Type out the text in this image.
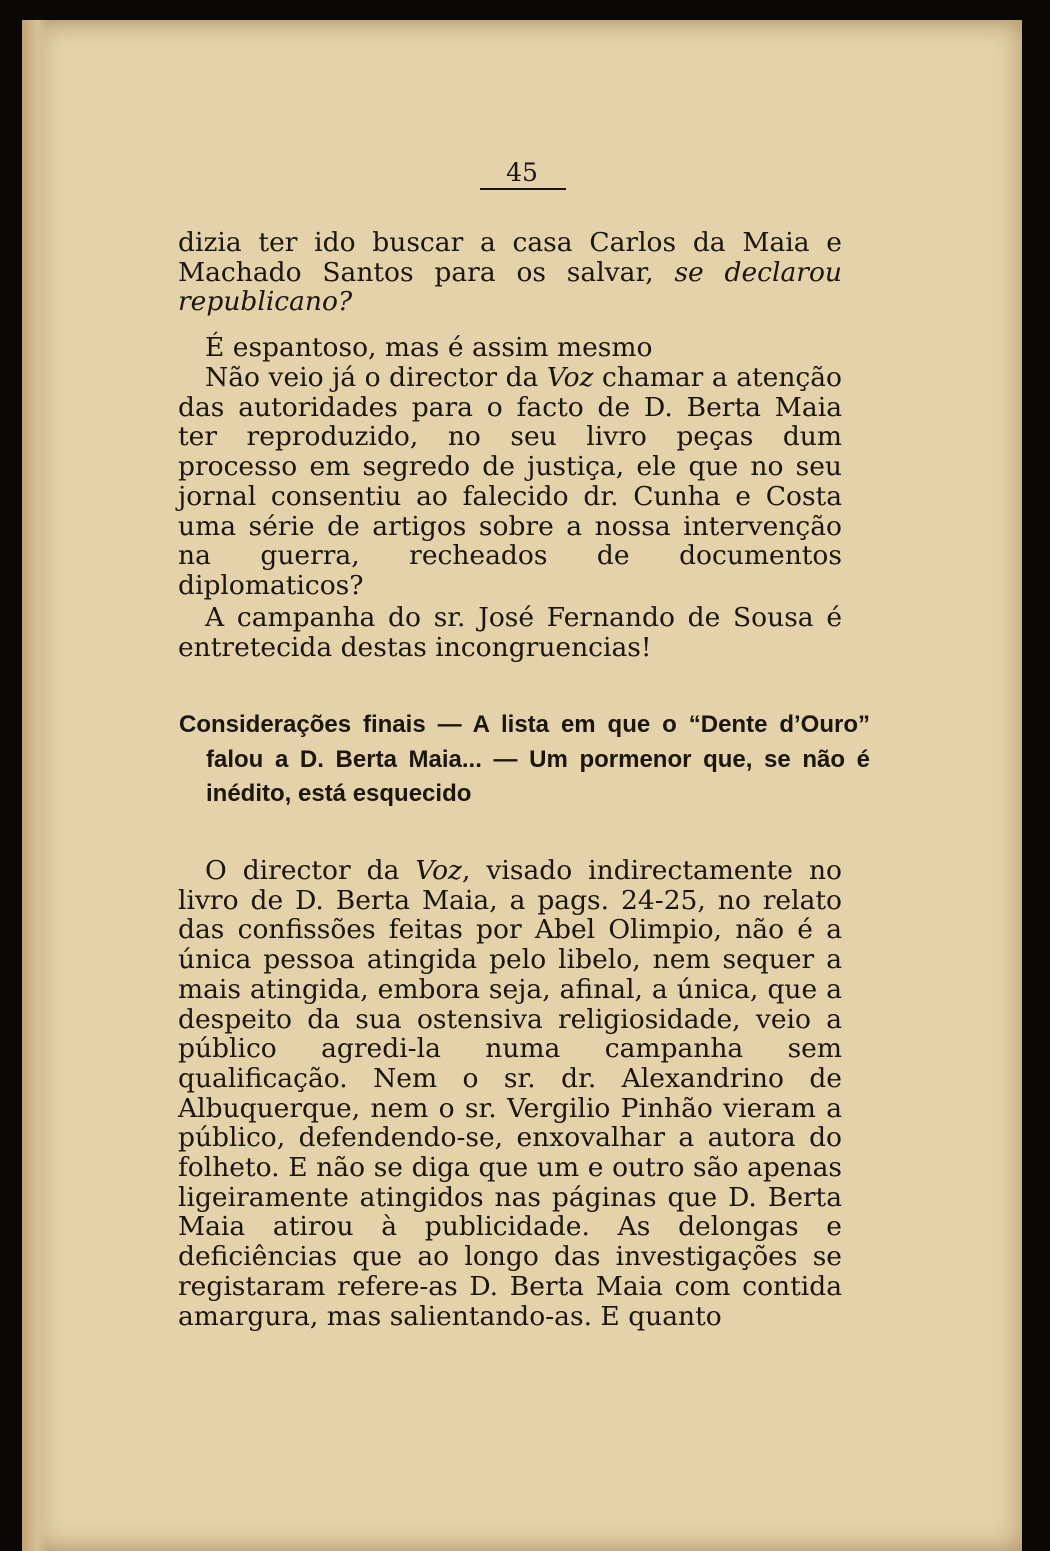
45

dizia ter ido buscar a casa Carlos da Maia e Machado Santos para os salvar, se declarou republicano?

É espantoso, mas é assim mesmo

Não veio já o director da Voz chamar a atenção das autoridades para o facto de D. Berta Maia ter reproduzido, no seu livro peças dum processo em segredo de justiça, ele que no seu jornal consentiu ao falecido dr. Cunha e Costa uma série de artigos sobre a nossa intervenção na guerra, recheados de documentos diplomaticos?

A campanha do sr. José Fernando de Sousa é entretecida destas incongruencias!

Considerações finais — A lista em que o “Dente d’Ouro” falou a D. Berta Maia... — Um pormenor que, se não é inédito, está esquecido

O director da Voz, visado indirectamente no livro de D. Berta Maia, a pags. 24-25, no relato das confissões feitas por Abel Olimpio, não é a única pessoa atingida pelo libelo, nem sequer a mais atingida, embora seja, afinal, a única, que a despeito da sua ostensiva religiosidade, veio a público agredi-la numa campanha sem qualificação. Nem o sr. dr. Alexandrino de Albuquerque, nem o sr. Vergilio Pinhão vieram a público, defendendo-se, enxovalhar a autora do folheto. E não se diga que um e outro são apenas ligeiramente atingidos nas páginas que D. Berta Maia atirou à publicidade. As delongas e deficiências que ao longo das investigações se registaram refere-as D. Berta Maia com contida amargura, mas salientando-as. E quanto
